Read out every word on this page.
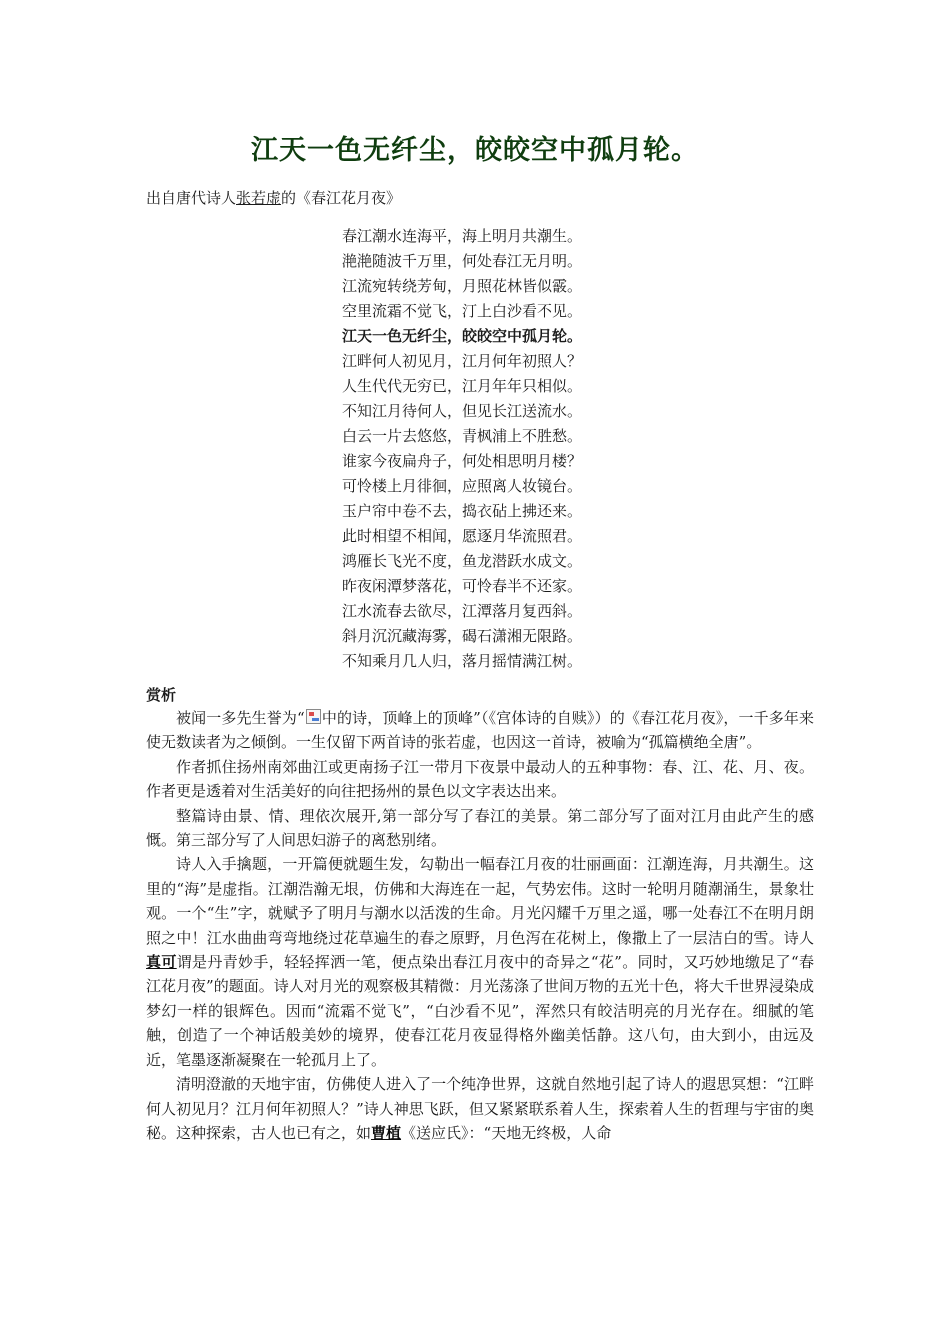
江天一色无纤尘，皎皎空中孤月轮。
出自唐代诗人张若虚的《春江花月夜》
春江潮水连海平，海上明月共潮生。
滟滟随波千万里，何处春江无月明。
江流宛转绕芳甸，月照花林皆似霰。
空里流霜不觉飞，汀上白沙看不见。
江天一色无纤尘，皎皎空中孤月轮。
江畔何人初见月，江月何年初照人？
人生代代无穷已，江月年年只相似。
不知江月待何人，但见长江送流水。
白云一片去悠悠，青枫浦上不胜愁。
谁家今夜扁舟子，何处相思明月楼？
可怜楼上月徘徊，应照离人妆镜台。
玉户帘中卷不去，捣衣砧上拂还来。
此时相望不相闻，愿逐月华流照君。
鸿雁长飞光不度，鱼龙潜跃水成文。
昨夜闲潭梦落花，可怜春半不还家。
江水流春去欲尽，江潭落月复西斜。
斜月沉沉藏海雾，碣石潇湘无限路。
不知乘月几人归，落月摇情满江树。
赏析

被闻一多先生誉为“ 中的诗，顶峰上的顶峰”（《宫体诗的自赎》）的《春江花月夜》，一千多年来使无数读者为之倾倒。一生仅留下两首诗的张若虚，也因这一首诗，被喻为“孤篇横绝全唐”。

作者抓住扬州南郊曲江或更南扬子江一带月下夜景中最动人的五种事物：春、江、花、月、夜。作者更是透着对生活美好的向往把扬州的景色以文字表达出来。

整篇诗由景、情、理依次展开,第一部分写了春江的美景。第二部分写了面对江月由此产生的感慨。第三部分写了人间思妇游子的离愁别绪。

诗人入手擒题，一开篇便就题生发，勾勒出一幅春江月夜的壮丽画面：江潮连海，月共潮生。这里的“海”是虚指。江潮浩瀚无垠，仿佛和大海连在一起，气势宏伟。这时一轮明月随潮涌生，景象壮观。一个“生”字，就赋予了明月与潮水以活泼的生命。月光闪耀千万里之遥，哪一处春江不在明月朗照之中！江水曲曲弯弯地绕过花草遍生的春之原野，月色泻在花树上，像撒上了一层洁白的雪。诗人真可谓是丹青妙手，轻轻挥洒一笔，便点染出春江月夜中的奇异之“花”。同时，又巧妙地缴足了“春江花月夜”的题面。诗人对月光的观察极其精微：月光荡涤了世间万物的五光十色，将大千世界浸染成梦幻一样的银辉色。因而“流霜不觉飞”，“白沙看不见”，浑然只有皎洁明亮的月光存在。细腻的笔触，创造了一个神话般美妙的境界，使春江花月夜显得格外幽美恬静。这八句，由大到小，由远及近，笔墨逐渐凝聚在一轮孤月上了。

清明澄澈的天地宇宙，仿佛使人进入了一个纯净世界，这就自然地引起了诗人的遐思冥想：“江畔何人初见月？江月何年初照人？”诗人神思飞跃，但又紧紧联系着人生，探索着人生的哲理与宇宙的奥秘。这种探索，古人也已有之，如曹植《送应氏》：“天地无终极，人命
